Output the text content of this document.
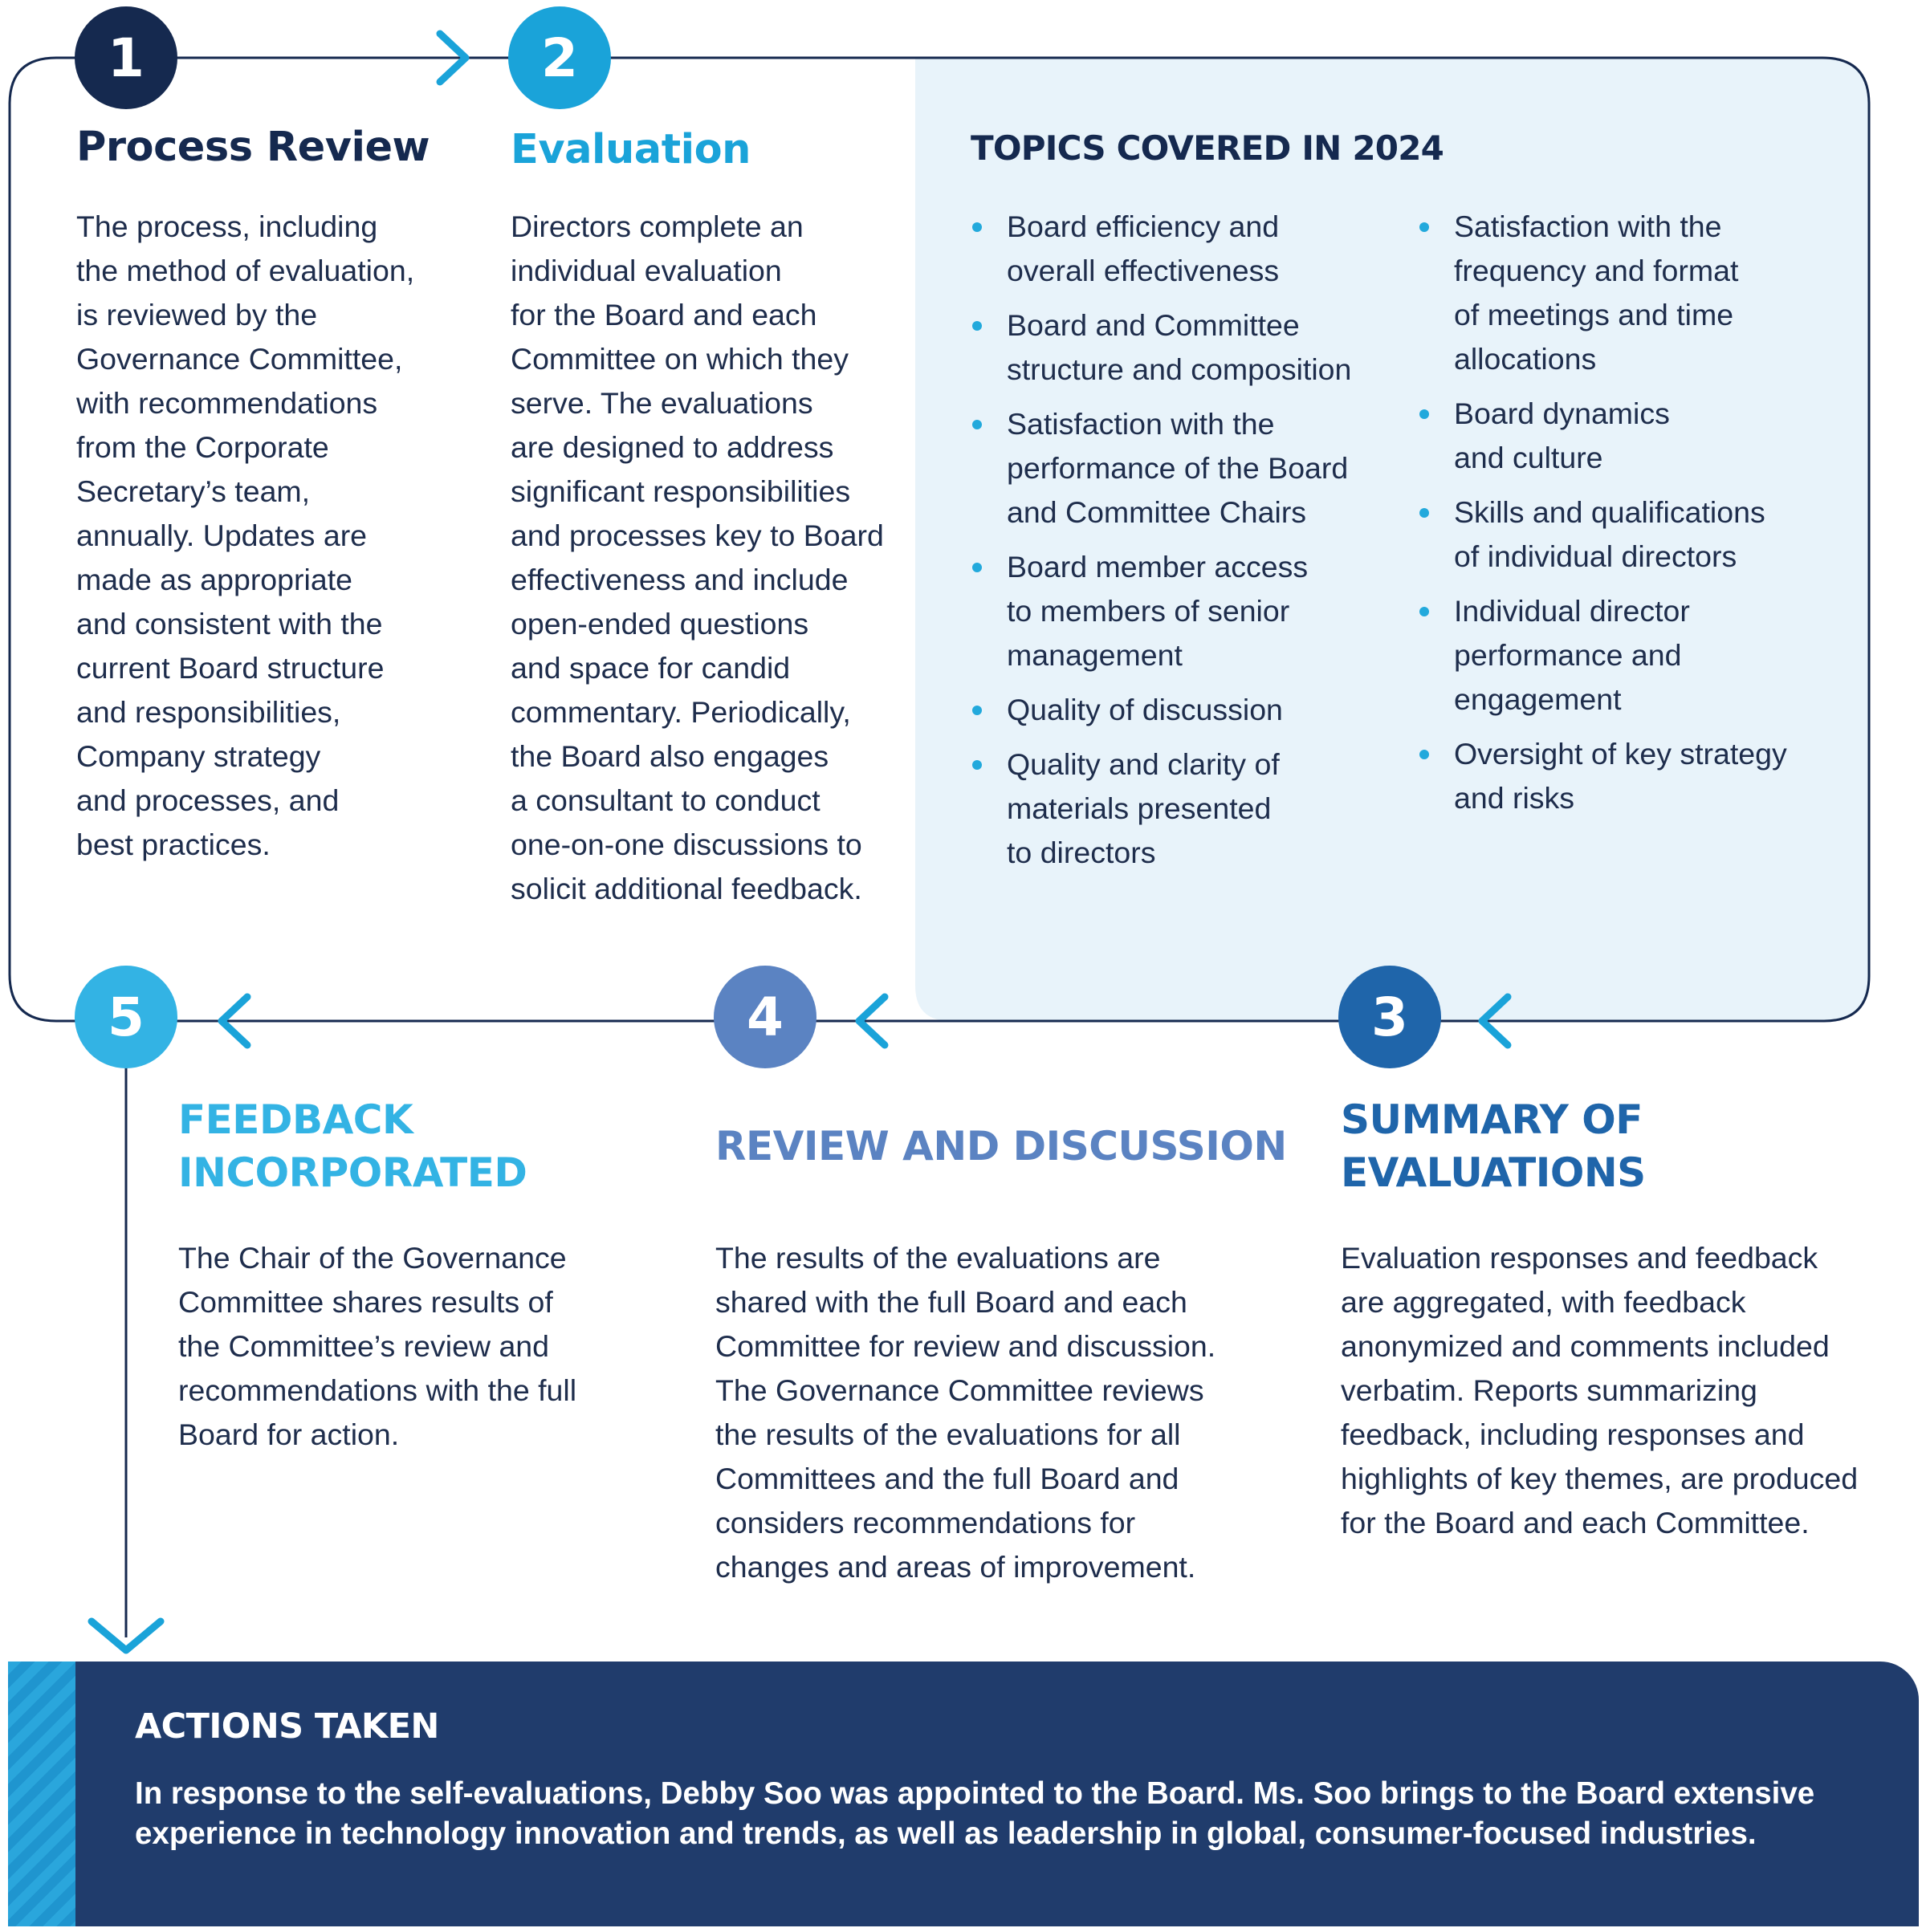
1
Process Review
The process, including
the method of evaluation,
is reviewed by the
Governance Committee,
with recommendations
from the Corporate
Secretary’s team,
annually. Updates are
made as appropriate
and consistent with the
current Board structure
and responsibilities,
Company strategy
and processes, and
best practices.
2
Evaluation
Directors complete an
individual evaluation
for the Board and each
Committee on which they
serve. The evaluations
are designed to address
significant responsibilities
and processes key to Board
effectiveness and include
open-ended questions
and space for candid
commentary. Periodically,
the Board also engages
a consultant to conduct
one-on-one discussions to
solicit additional feedback.
TOPICS COVERED IN 2024
Board efficiency and
overall effectiveness
Board and Committee
structure and composition
Satisfaction with the
performance of the Board
and Committee Chairs
Board member access
to members of senior
management
Quality of discussion
Quality and clarity of
materials presented
to directors
Satisfaction with the
frequency and format
of meetings and time
allocations
Board dynamics
and culture
Skills and qualifications
of individual directors
Individual director
performance and
engagement
Oversight of key strategy
and risks
3
SUMMARY OF
EVALUATIONS
Evaluation responses and feedback
are aggregated, with feedback
anonymized and comments included
verbatim. Reports summarizing
feedback, including responses and
highlights of key themes, are produced
for the Board and each Committee.
4
REVIEW AND DISCUSSION
The results of the evaluations are
shared with the full Board and each
Committee for review and discussion.
The Governance Committee reviews
the results of the evaluations for all
Committees and the full Board and
considers recommendations for
changes and areas of improvement.
5
FEEDBACK
INCORPORATED
The Chair of the Governance
Committee shares results of
the Committee’s review and
recommendations with the full
Board for action.
ACTIONS TAKEN
In response to the self-evaluations, Debby Soo was appointed to the Board. Ms. Soo brings to the Board extensive
experience in technology innovation and trends, as well as leadership in global, consumer-focused industries.
